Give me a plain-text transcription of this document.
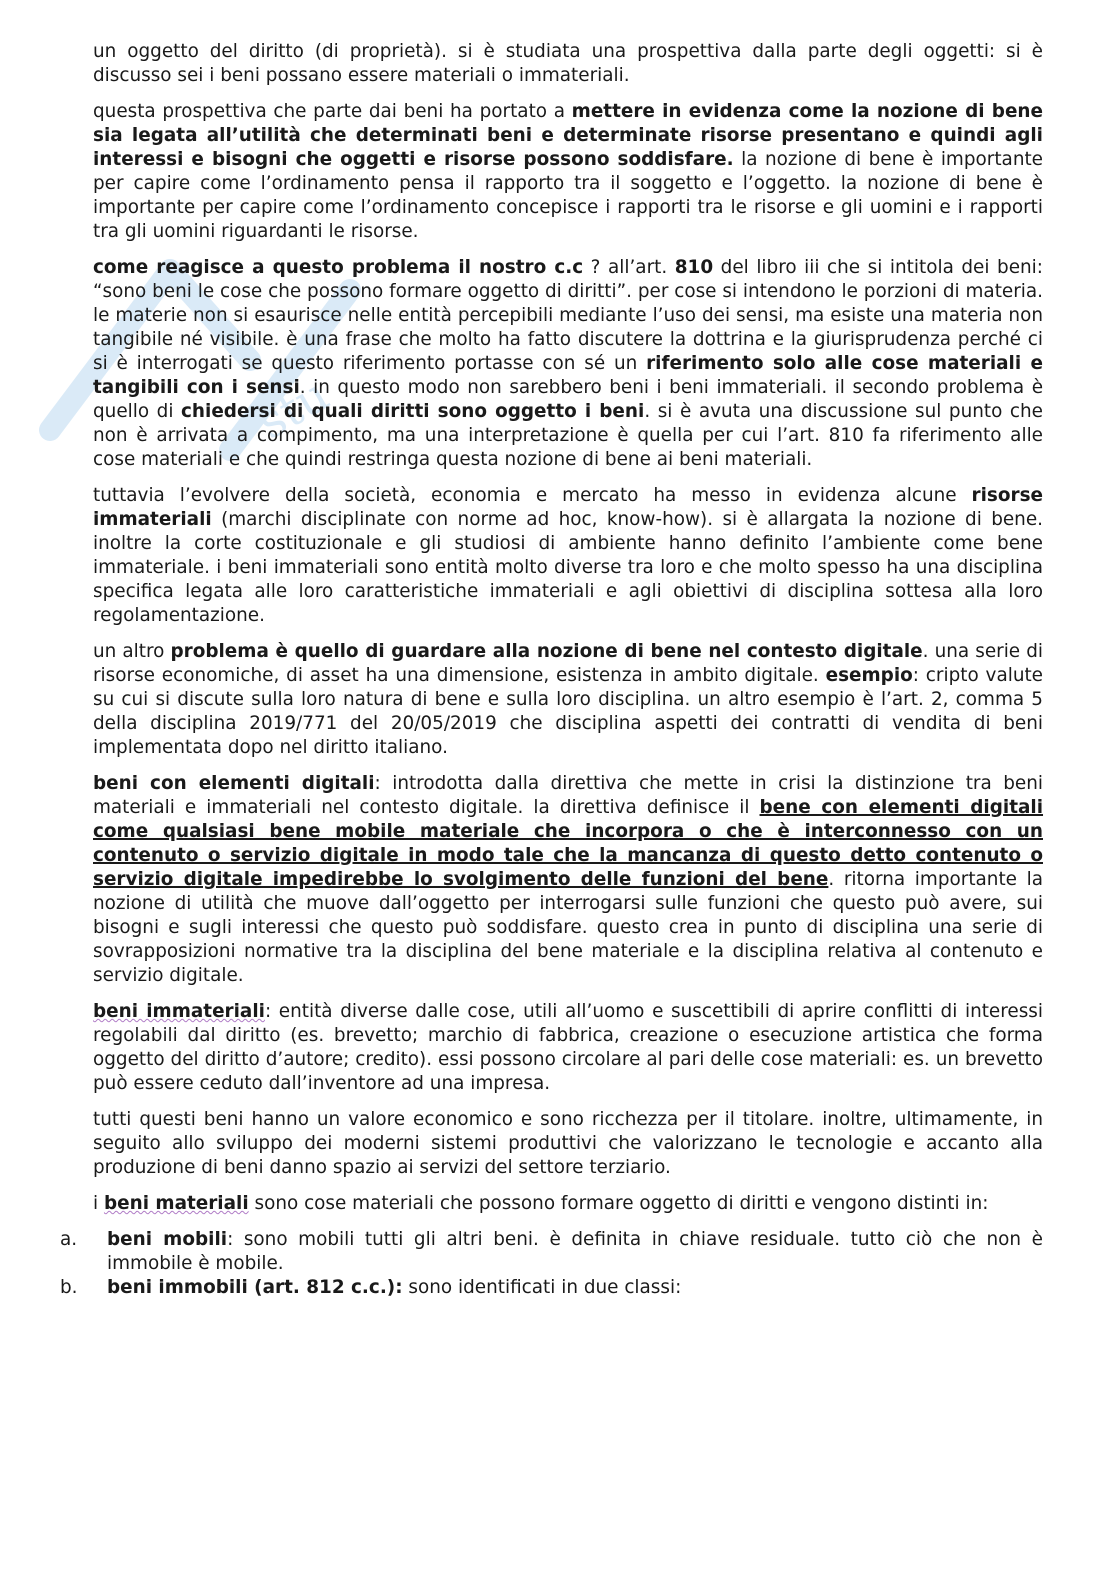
stu

un oggetto del diritto (di proprietà). si è studiata una prospettiva dalla parte degli oggetti: si è discusso sei i beni possano essere materiali o immateriali.

questa prospettiva che parte dai beni ha portato a mettere in evidenza come la nozione di bene sia legata all’utilità che determinati beni e determinate risorse presentano e quindi agli interessi e bisogni che oggetti e risorse possono soddisfare. la nozione di bene è importante per capire come l’ordinamento pensa il rapporto tra il soggetto e l’oggetto. la nozione di bene è importante per capire come l’ordinamento concepisce i rapporti tra le risorse e gli uomini e i rapporti tra gli uomini riguardanti le risorse.

come reagisce a questo problema il nostro c.c ? all’art. 810 del libro iii che si intitola dei beni: “sono beni le cose che possono formare oggetto di diritti”. per cose si intendono le porzioni di materia. le materie non si esaurisce nelle entità percepibili mediante l’uso dei sensi, ma esiste una materia non tangibile né visibile. è una frase che molto ha fatto discutere la dottrina e la giurisprudenza perché ci si è interrogati se questo riferimento portasse con sé un riferimento solo alle cose materiali e tangibili con i sensi. in questo modo non sarebbero beni i beni immateriali. il secondo problema è quello di chiedersi di quali diritti sono oggetto i beni. si è avuta una discussione sul punto che non è arrivata a compimento, ma una interpretazione è quella per cui l’art. 810 fa riferimento alle cose materiali e che quindi restringa questa nozione di bene ai beni materiali.

tuttavia l’evolvere della società, economia e mercato ha messo in evidenza alcune risorse immateriali (marchi disciplinate con norme ad hoc, know-how). si è allargata la nozione di bene. inoltre la corte costituzionale e gli studiosi di ambiente hanno definito l’ambiente come bene immateriale. i beni immateriali sono entità molto diverse tra loro e che molto spesso ha una disciplina specifica legata alle loro caratteristiche immateriali e agli obiettivi di disciplina sottesa alla loro regolamentazione.

un altro problema è quello di guardare alla nozione di bene nel contesto digitale. una serie di risorse economiche, di asset ha una dimensione, esistenza in ambito digitale. esempio: cripto valute su cui si discute sulla loro natura di bene e sulla loro disciplina. un altro esempio è l’art. 2, comma 5 della disciplina 2019/771 del 20/05/2019 che disciplina aspetti dei contratti di vendita di beni implementata dopo nel diritto italiano.

beni con elementi digitali: introdotta dalla direttiva che mette in crisi la distinzione tra beni materiali e immateriali nel contesto digitale. la direttiva definisce il bene con elementi digitali come qualsiasi bene mobile materiale che incorpora o che è interconnesso con un contenuto o servizio digitale in modo tale che la mancanza di questo detto contenuto o servizio digitale impedirebbe lo svolgimento delle funzioni del bene. ritorna importante la nozione di utilità che muove dall’oggetto per interrogarsi sulle funzioni che questo può avere, sui bisogni e sugli interessi che questo può soddisfare. questo crea in punto di disciplina una serie di sovrapposizioni normative tra la disciplina del bene materiale e la disciplina relativa al contenuto e servizio digitale.

beni immateriali: entità diverse dalle cose, utili all’uomo e suscettibili di aprire conflitti di interessi regolabili dal diritto (es. brevetto; marchio di fabbrica, creazione o esecuzione artistica che forma oggetto del diritto d’autore; credito). essi possono circolare al pari delle cose materiali: es. un brevetto può essere ceduto dall’inventore ad una impresa.

tutti questi beni hanno un valore economico e sono ricchezza per il titolare. inoltre, ultimamente, in seguito allo sviluppo dei moderni sistemi produttivi che valorizzano le tecnologie e accanto alla produzione di beni danno spazio ai servizi del settore terziario.

i beni materiali sono cose materiali che possono formare oggetto di diritti e vengono distinti in:

a. beni mobili: sono mobili tutti gli altri beni. è definita in chiave residuale. tutto ciò che non è immobile è mobile.

b. beni immobili (art. 812 c.c.): sono identificati in due classi:
